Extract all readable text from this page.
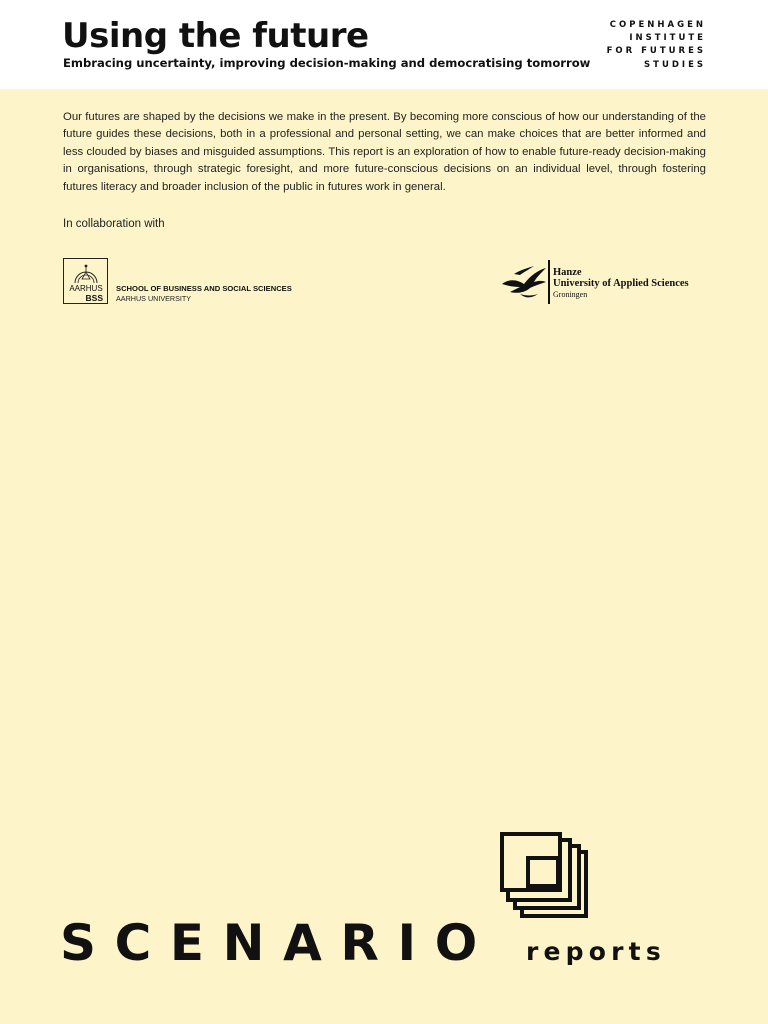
Using the future
Embracing uncertainty, improving decision-making and democratising tomorrow
COPENHAGEN
INSTITUTE
FOR FUTURES
STUDIES

Our futures are shaped by the decisions we make in the present. By becoming more conscious of how our understanding of the future guides these decisions, both in a professional and personal setting, we can make choices that are better informed and less clouded by biases and misguided assumptions. This report is an exploration of how to enable future-ready decision-making in organisations, through strategic foresight, and more future-conscious decisions on an individual level, through fostering futures literacy and broader inclusion of the public in futures work in general.

In collaboration with
AARHUS
BSS
SCHOOL OF BUSINESS AND SOCIAL SCIENCES
AARHUS UNIVERSITY
Hanze
University of Applied Sciences
Groningen
SCENARIO reports
